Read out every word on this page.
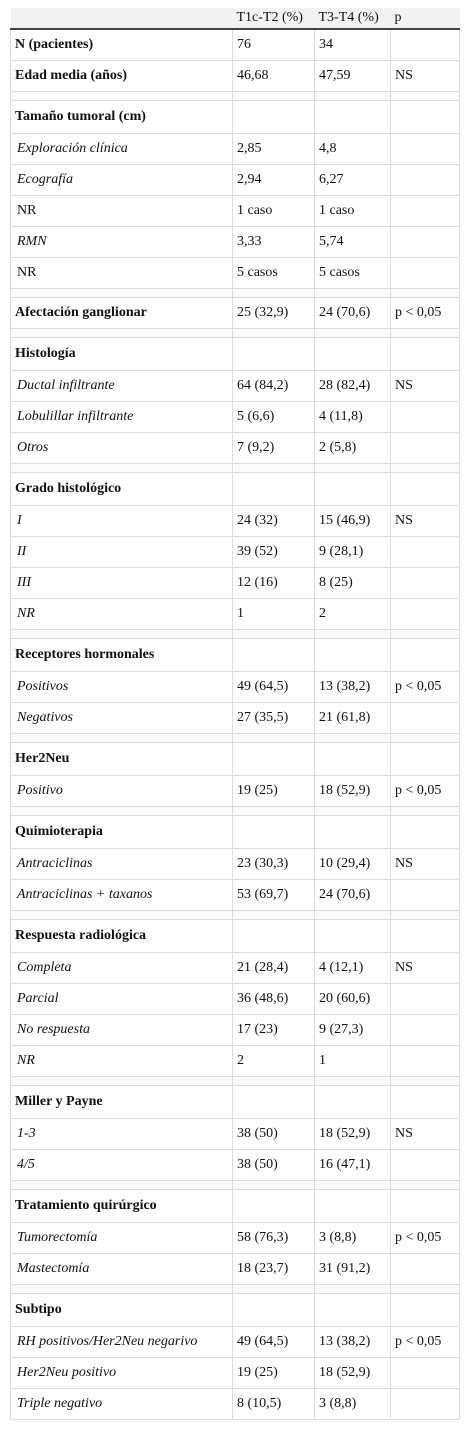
	T1c-T2 (%)	T3-T4 (%)	p
N (pacientes)	76	34	
Edad media (años)	46,68	47,59	NS

Tamaño tumoral (cm)			
Exploración clínica	2,85	4,8	
Ecografía	2,94	6,27	
NR	1 caso	1 caso	
RMN	3,33	5,74	
NR	5 casos	5 casos	

Afectación ganglionar	25 (32,9)	24 (70,6)	p < 0,05

Histología			
Ductal infiltrante	64 (84,2)	28 (82,4)	NS
Lobulillar infiltrante	5 (6,6)	4 (11,8)	
Otros	7 (9,2)	2 (5,8)	

Grado histológico			
I	24 (32)	15 (46,9)	NS
II	39 (52)	9 (28,1)	
III	12 (16)	8 (25)	
NR	1	2	

Receptores hormonales			
Positivos	49 (64,5)	13 (38,2)	p < 0,05
Negativos	27 (35,5)	21 (61,8)	

Her2Neu			
Positivo	19 (25)	18 (52,9)	p < 0,05

Quimioterapia			
Antraciclinas	23 (30,3)	10 (29,4)	NS
Antraciclinas + taxanos	53 (69,7)	24 (70,6)	

Respuesta radiológica			
Completa	21 (28,4)	4 (12,1)	NS
Parcial	36 (48,6)	20 (60,6)	
No respuesta	17 (23)	9 (27,3)	
NR	2	1	

Miller y Payne			
1-3	38 (50)	18 (52,9)	NS
4/5	38 (50)	16 (47,1)	

Tratamiento quirúrgico			
Tumorectomía	58 (76,3)	3 (8,8)	p < 0,05
Mastectomía	18 (23,7)	31 (91,2)	

Subtipo			
RH positivos/Her2Neu negarivo	49 (64,5)	13 (38,2)	p < 0,05
Her2Neu positivo	19 (25)	18 (52,9)	
Triple negativo	8 (10,5)	3 (8,8)	
